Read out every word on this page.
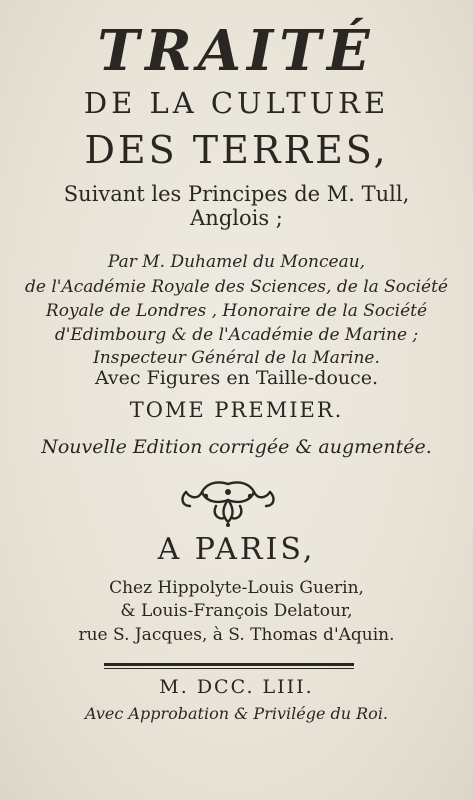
TRAITÉ
DE LA CULTURE
DES TERRES,
Suivant les Principes de M. Tull,
Anglois ;
Par M. Duhamel du Monceau,
de l'Académie Royale des Sciences, de la Société
Royale de Londres , Honoraire de la Société
d'Edimbourg & de l'Académie de Marine ;
Inspecteur Général de la Marine.
Avec Figures en Taille-douce.
TOME PREMIER.
Nouvelle Edition corrigée & augmentée.
A PARIS,
Chez Hippolyte-Louis Guerin,
& Louis-François Delatour,
rue S. Jacques, à S. Thomas d'Aquin.
M. DCC. LIII.
Avec Approbation & Privilége du Roi.
